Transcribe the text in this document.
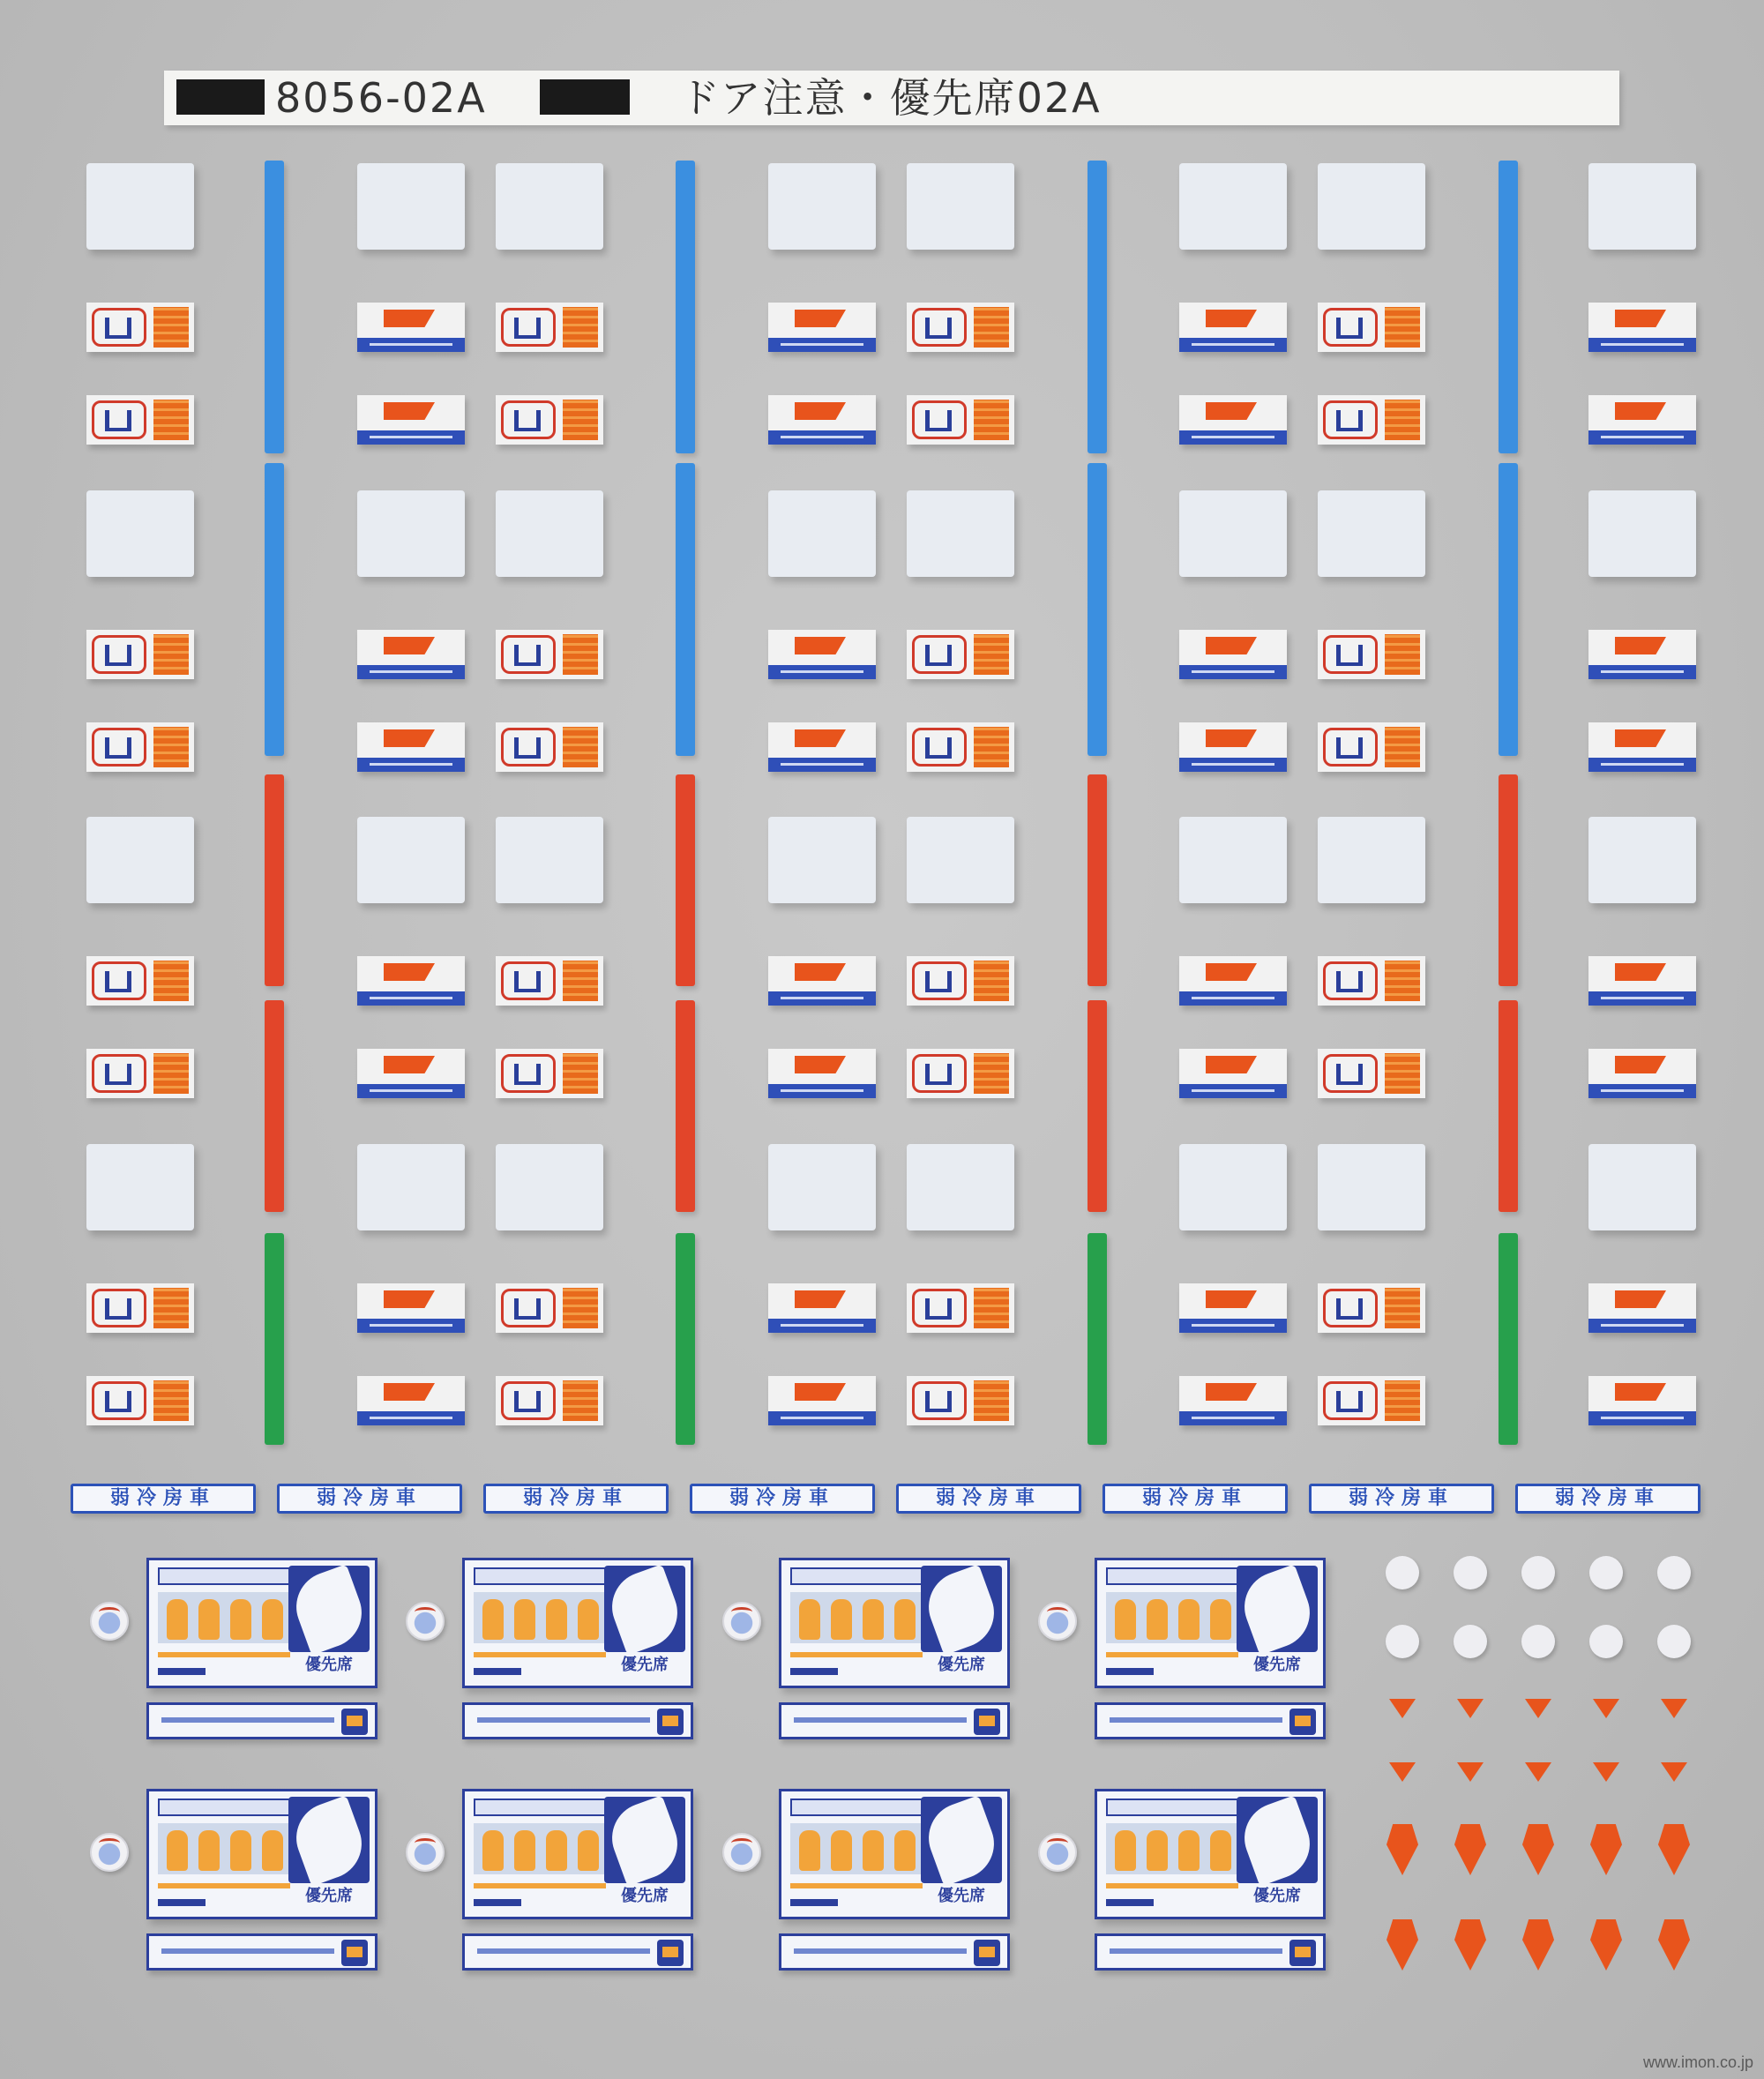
8056-02A	ドア注意・優先席02A
弱冷房車	弱冷房車	弱冷房車	弱冷房車	弱冷房車	弱冷房車	弱冷房車	弱冷房車
優先席	優先席	優先席	優先席
優先席	優先席	優先席	優先席
www.imon.co.jp
